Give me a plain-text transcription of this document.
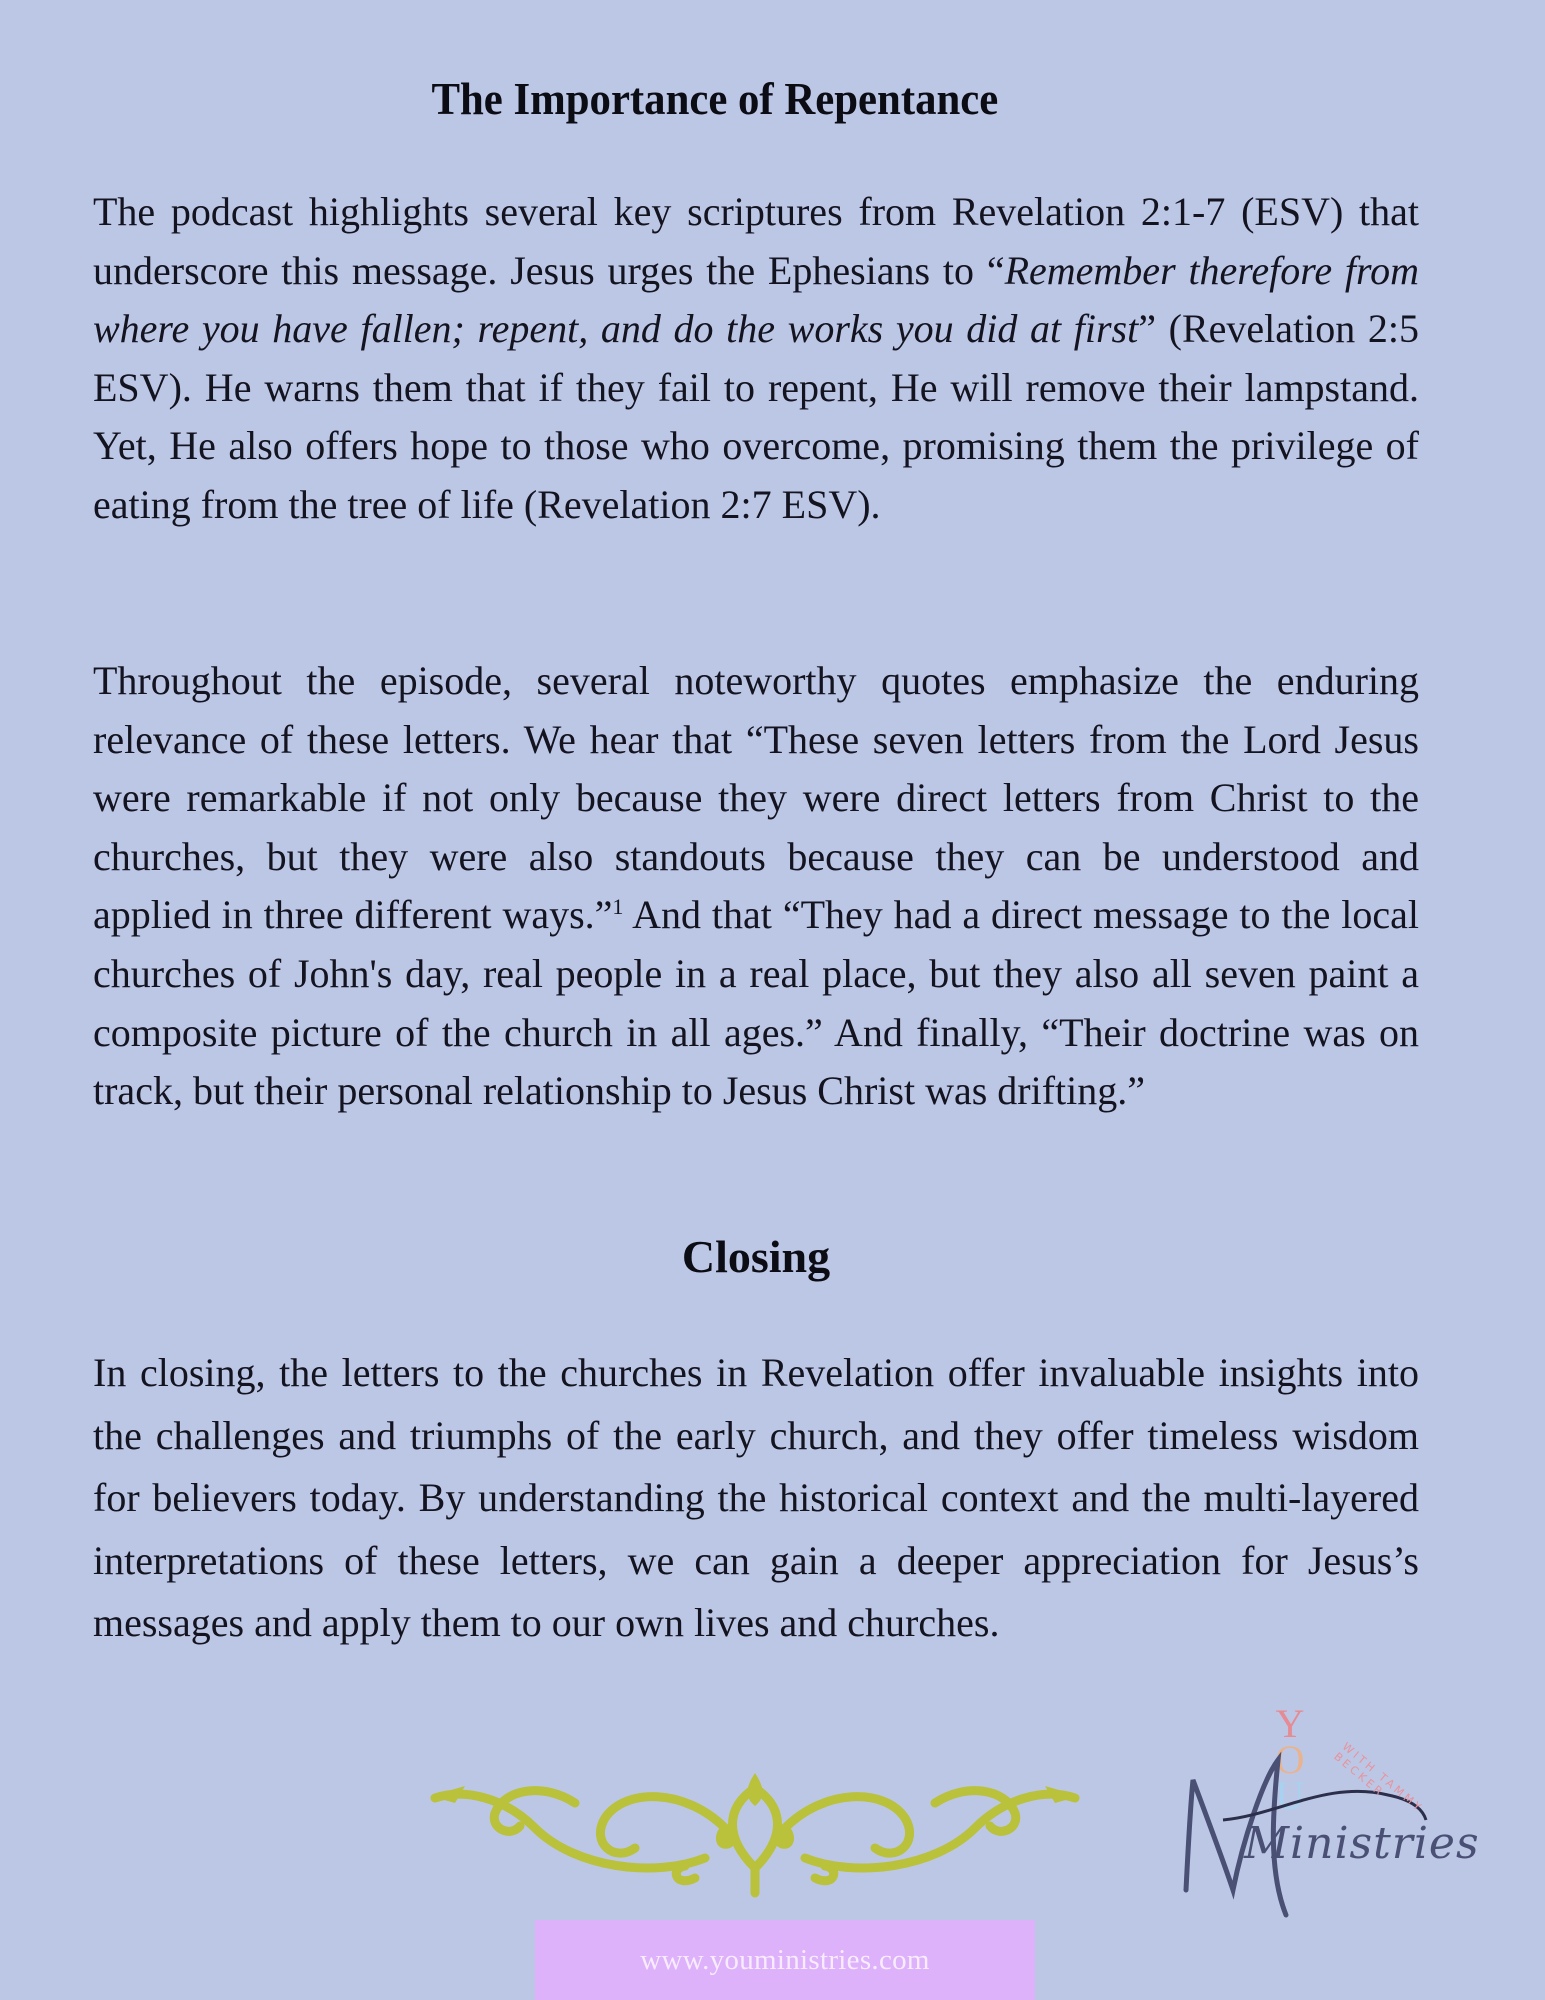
The Importance of Repentance

The podcast highlights several key scriptures from Revelation 2:1-7 (ESV) that underscore this message. Jesus urges the Ephesians to “Remember therefore from where you have fallen; repent, and do the works you did at first” (Revelation 2:5 ESV). He warns them that if they fail to repent, He will remove their lampstand. Yet, He also offers hope to those who overcome, promising them the privilege of eating from the tree of life (Revelation 2:7 ESV).

Throughout the episode, several noteworthy quotes emphasize the enduring relevance of these letters. We hear that “These seven letters from the Lord Jesus were remarkable if not only because they were direct letters from Christ to the churches, but they were also standouts because they can be understood and applied in three different ways.”$^1$ And that “They had a direct message to the local churches of John's day, real people in a real place, but they also all seven paint a composite picture of the church in all ages.” And finally, “Their doctrine was on track, but their personal relationship to Jesus Christ was drifting.”

Closing

In closing, the letters to the churches in Revelation offer invaluable insights into the challenges and triumphs of the early church, and they offer timeless wisdom for believers today. By understanding the historical context and the multi-layered interpretations of these letters, we can gain a deeper appreciation for Jesus’s messages and apply them to our own lives and churches.

Y
O
U
Ministries
WITH TAMMY BECKER
www.youministries.com
